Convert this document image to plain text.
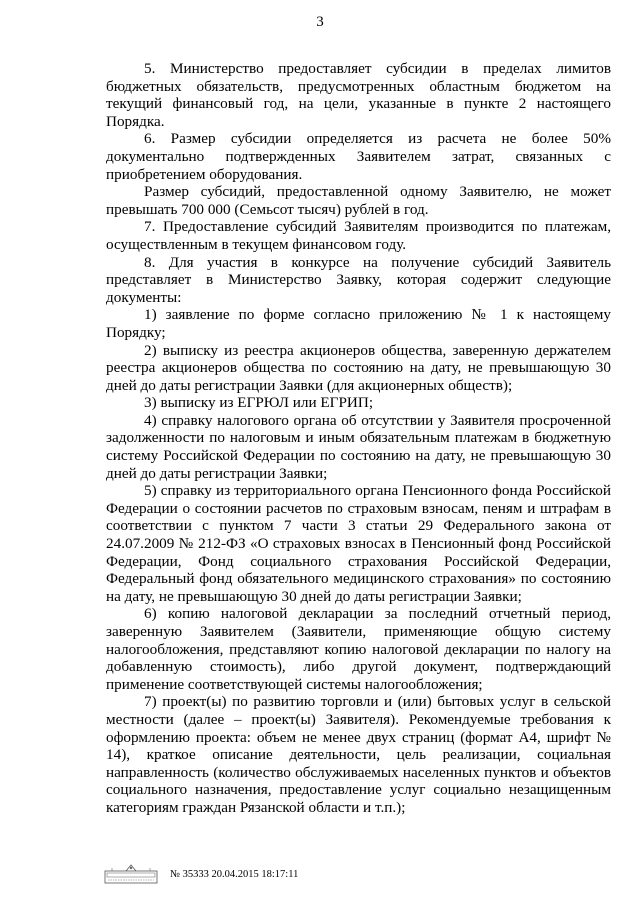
3

5. Министерство предоставляет субсидии в пределах лимитов бюджетных обязательств, предусмотренных областным бюджетом на текущий финансовый год, на цели, указанные в пункте 2 настоящего Порядка.

6. Размер субсидии определяется из расчета не более 50% документально подтвержденных Заявителем затрат, связанных с приобретением оборудования.

Размер субсидий, предоставленной одному Заявителю, не может превышать 700 000 (Семьсот тысяч) рублей в год.

7. Предоставление субсидий Заявителям производится по платежам, осуществленным в текущем финансовом году.

8. Для участия в конкурсе на получение субсидий Заявитель представляет в Министерство Заявку, которая содержит следующие документы:

1) заявление по форме согласно приложению № 1 к настоящему Порядку;

2) выписку из реестра акционеров общества, заверенную держателем реестра акционеров общества по состоянию на дату, не превышающую 30 дней до даты регистрации Заявки (для акционерных обществ);

3) выписку из ЕГРЮЛ или ЕГРИП;

4) справку налогового органа об отсутствии у Заявителя просроченной задолженности по налоговым и иным обязательным платежам в бюджетную систему Российской Федерации по состоянию на дату, не превышающую 30 дней до даты регистрации Заявки;

5) справку из территориального органа Пенсионного фонда Российской Федерации о состоянии расчетов по страховым взносам, пеням и штрафам в соответствии с пунктом 7 части 3 статьи 29 Федерального закона от 24.07.2009 № 212-ФЗ «О страховых взносах в Пенсионный фонд Российской Федерации, Фонд социального страхования Российской Федерации, Федеральный фонд обязательного медицинского страхования» по состоянию на дату, не превышающую 30 дней до даты регистрации Заявки;

6) копию налоговой декларации за последний отчетный период, заверенную Заявителем (Заявители, применяющие общую систему налогообложения, представляют копию налоговой декларации по налогу на добавленную стоимость), либо другой документ, подтверждающий применение соответствующей системы налогообложения;

7) проект(ы) по развитию торговли и (или) бытовых услуг в сельской местности (далее – проект(ы) Заявителя). Рекомендуемые требования к оформлению проекта: объем не менее двух страниц (формат А4, шрифт № 14), краткое описание деятельности, цель реализации, социальная направленность (количество обслуживаемых населенных пунктов и объектов социального назначения, предоставление услуг социально незащищенным категориям граждан Рязанской области и т.п.);

№ 35333 20.04.2015 18:17:11
